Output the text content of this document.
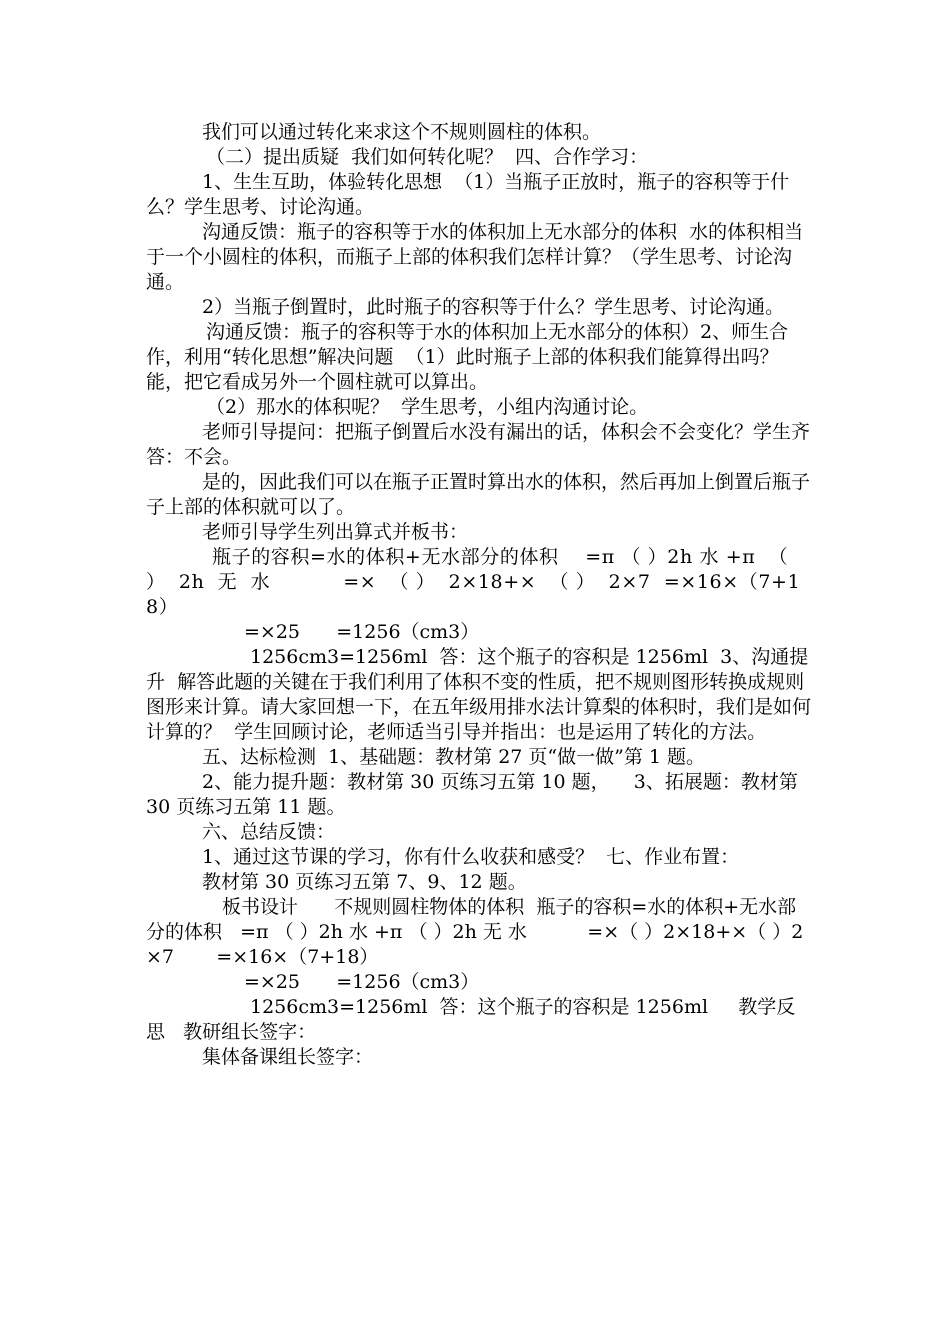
我们可以通过转化来求这个不规则圆柱的体积。

（二）提出质疑  我们如何转化呢？  四、合作学习：

1、生生互助，体验转化思想  （1）当瓶子正放时，瓶子的容积等于什么？学生思考、讨论沟通。

沟通反馈：瓶子的容积等于水的体积加上无水部分的体积  水的体积相当于一个小圆柱的体积，而瓶子上部的体积我们怎样计算？（学生思考、讨论沟通。

2）当瓶子倒置时，此时瓶子的容积等于什么？学生思考、讨论沟通。

沟通反馈：瓶子的容积等于水的体积加上无水部分的体积）2、师生合作，利用“转化思想”解决问题  （1）此时瓶子上部的体积我们能算得出吗？能，把它看成另外一个圆柱就可以算出。

（2）那水的体积呢？  学生思考，小组内沟通讨论。

老师引导提问：把瓶子倒置后水没有漏出的话，体积会不会变化？学生齐答：不会。

是的，因此我们可以在瓶子正置时算出水的体积，然后再加上倒置后瓶子  子上部的体积就可以了。

老师引导学生列出算式并板书：

瓶子的容积=水的体积+无水部分的体积    =π （ ）2h 水 +π  （ ）  2h  无  水           =×  （ ）  2×18+×  （ ）  2×7  =×16×（7+18）

=×25      =1256（cm3）

1256cm3=1256ml  答：这个瓶子的容积是 1256ml  3、沟通提升  解答此题的关键在于我们利用了体积不变的性质，把不规则图形转换成规则图形来计算。请大家回想一下，在五年级用排水法计算梨的体积时，我们是如何计算的？  学生回顾讨论，老师适当引导并指出：也是运用了转化的方法。

五、达标检测  1、基础题：教材第 27 页“做一做”第 1 题。

2、能力提升题：教材第 30 页练习五第 10 题，    3、拓展题：教材第 30 页练习五第 11 题。

六、总结反馈：

1、通过这节课的学习，你有什么收获和感受？  七、作业布置：

教材第 30 页练习五第 7、9、12 题。

板书设计      不规则圆柱物体的体积  瓶子的容积=水的体积+无水部分的体积   =π （ ）2h 水 +π （ ）2h 无 水          =×（ ）2×18+×（ ）2×7       =×16×（7+18）

=×25      =1256（cm3）

1256cm3=1256ml  答：这个瓶子的容积是 1256ml     教学反思   教研组长签字：

集体备课组长签字：
